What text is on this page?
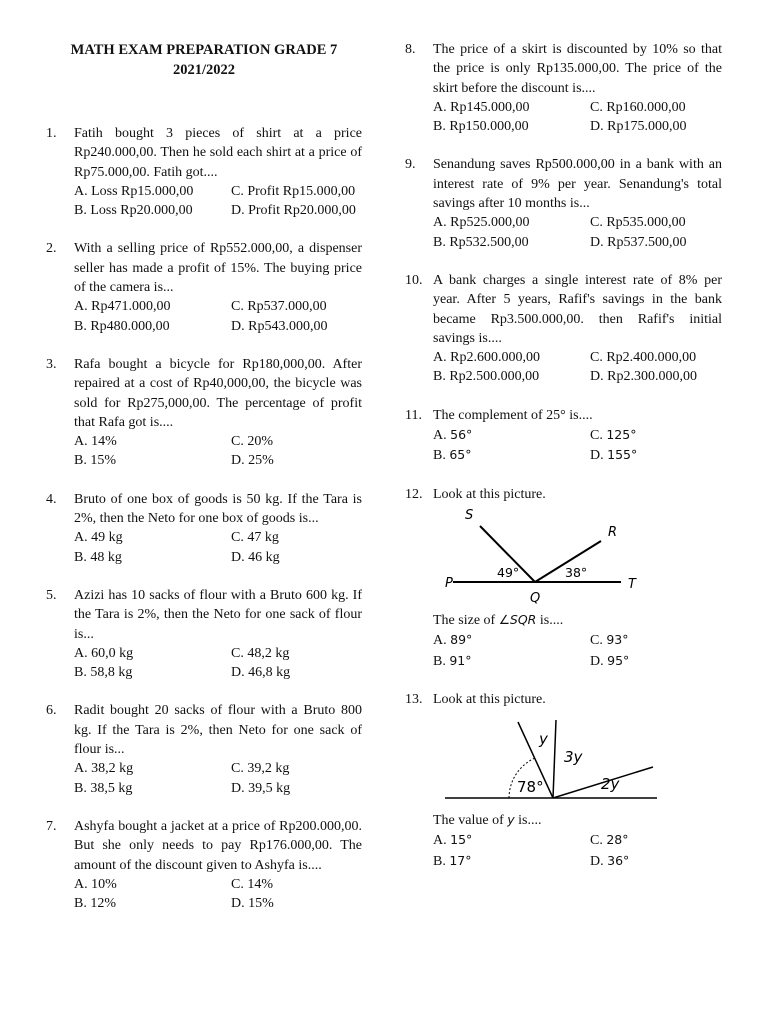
MATH EXAM PREPARATION GRADE 7
2021/2022
1. Fatih bought 3 pieces of shirt at a price Rp240.000,00. Then he sold each shirt at a price of Rp75.000,00. Fatih got....
A. Loss Rp15.000,00	C. Profit Rp15.000,00
B. Loss Rp20.000,00	D. Profit Rp20.000,00
2. With a selling price of Rp552.000,00, a dispenser seller has made a profit of 15%. The buying price of the camera is...
A. Rp471.000,00	C. Rp537.000,00
B. Rp480.000,00	D. Rp543.000,00
3. Rafa bought a bicycle for Rp180,000,00. After repaired at a cost of Rp40,000,00, the bicycle was sold for Rp275,000,00. The percentage of profit that Rafa got is....
A. 14%	C. 20%
B. 15%	D. 25%
4. Bruto of one box of goods is 50 kg. If the Tara is 2%, then the Neto for one box of goods is...
A. 49 kg	C. 47 kg
B. 48 kg	D. 46 kg
5. Azizi has 10 sacks of flour with a Bruto 600 kg. If the Tara is 2%, then the Neto for one sack of flour is...
A. 60,0 kg	C. 48,2 kg
B. 58,8 kg	D. 46,8 kg
6. Radit bought 20 sacks of flour with a Bruto 800 kg. If the Tara is 2%, then Neto for one sack of flour is...
A. 38,2 kg	C. 39,2 kg
B. 38,5 kg	D. 39,5 kg
7. Ashyfa bought a jacket at a price of Rp200.000,00. But she only needs to pay Rp176.000,00. The amount of the discount given to Ashyfa is....
A. 10%	C. 14%
B. 12%	D. 15%
8. The price of a skirt is discounted by 10% so that the price is only Rp135.000,00. The price of the skirt before the discount is....
A. Rp145.000,00	C. Rp160.000,00
B. Rp150.000,00	D. Rp175.000,00
9. Senandung saves Rp500.000,00 in a bank with an interest rate of 9% per year. Senandung's total savings after 10 months is...
A. Rp525.000,00	C. Rp535.000,00
B. Rp532.500,00	D. Rp537.500,00
10. A bank charges a single interest rate of 8% per year. After 5 years, Rafif's savings in the bank became Rp3.500.000,00. then Rafif's initial savings is....
A. Rp2.600.000,00	C. Rp2.400.000,00
B. Rp2.500.000,00	D. Rp2.300.000,00
11. The complement of 25° is....
A. 56°	C. 125°
B. 65°	D. 155°
12. Look at this picture.
S
R
P	T
Q
49°	38°
The size of ∠SQR is....
A. 89°	C. 93°
B. 91°	D. 95°
13. Look at this picture.
y
3y
2y
78°
The value of y is....
A. 15°	C. 28°
B. 17°	D. 36°
